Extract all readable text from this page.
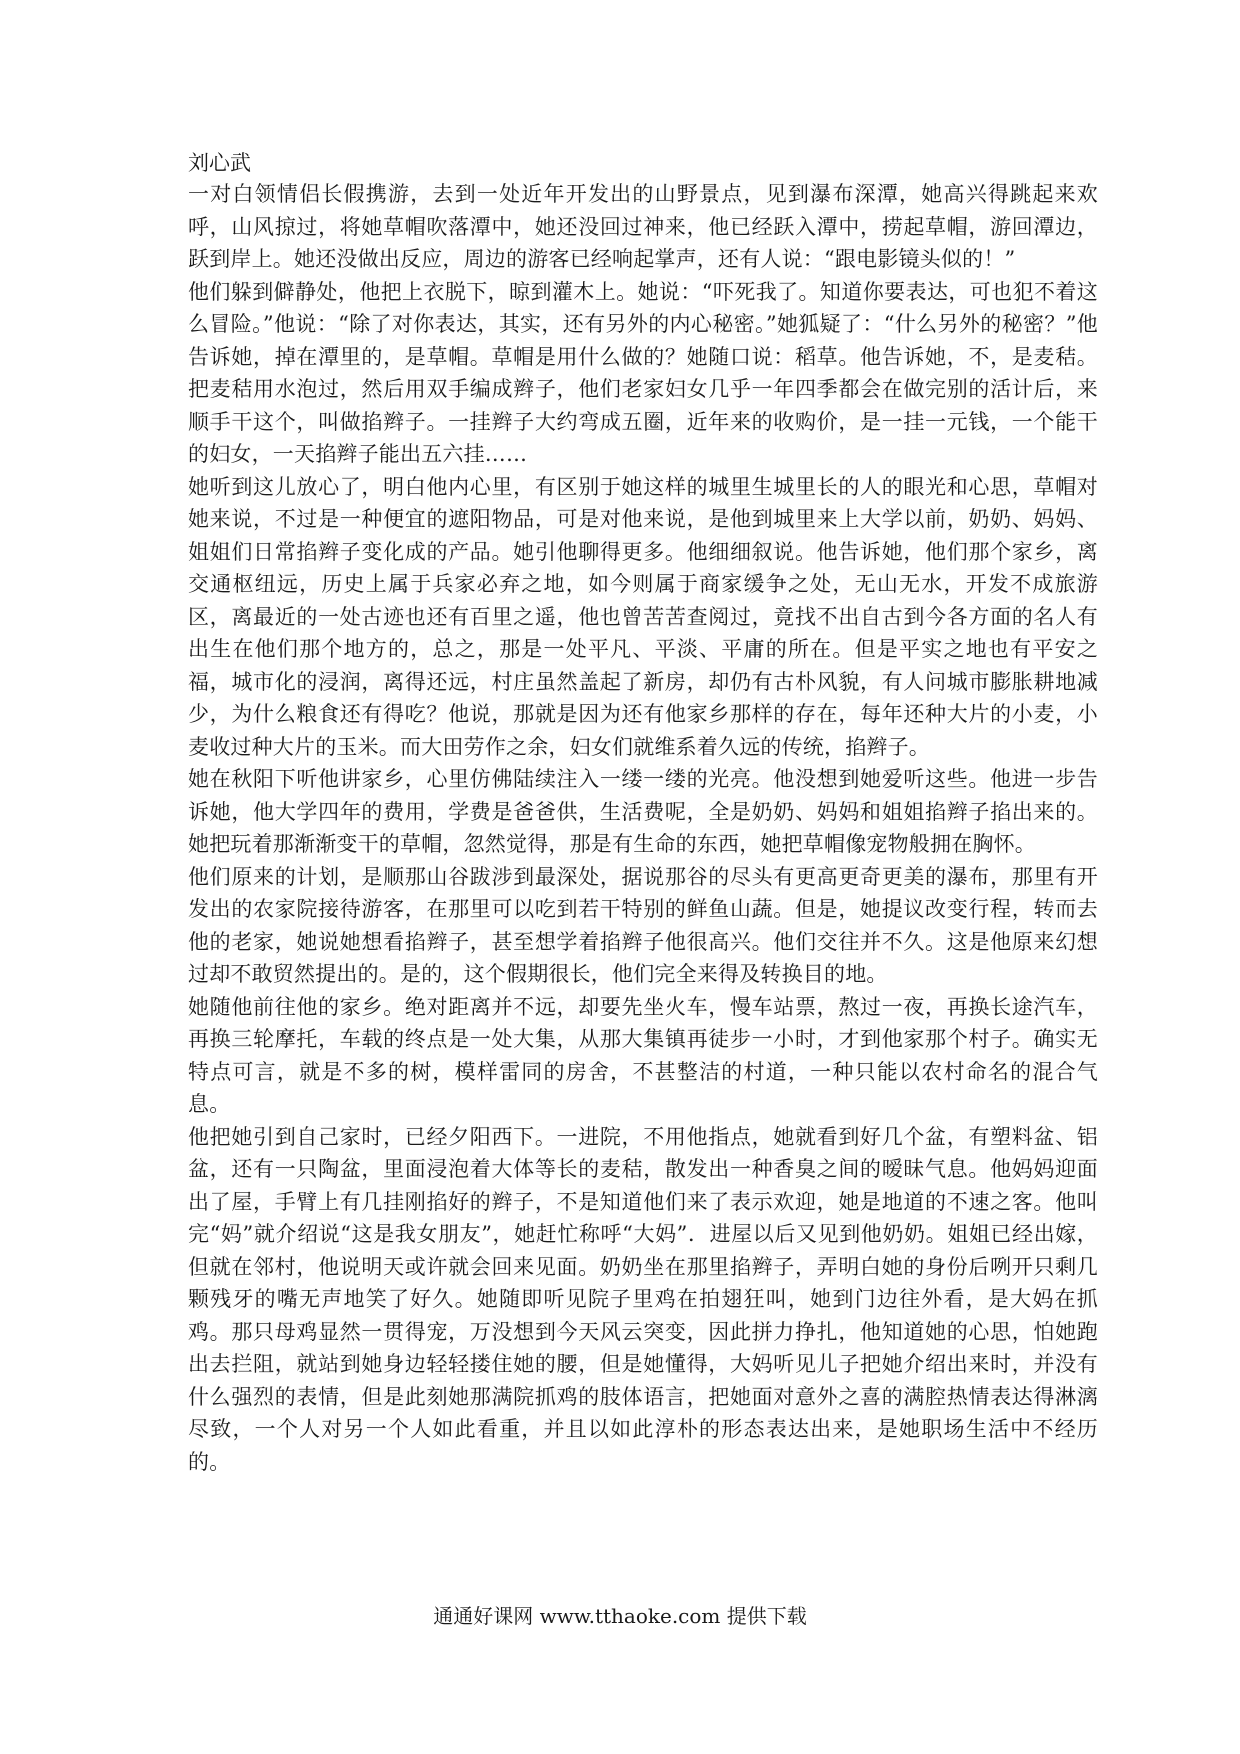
刘心武

一对白领情侣长假携游，去到一处近年开发出的山野景点，见到瀑布深潭，她高兴得跳起来欢呼，山风掠过，将她草帽吹落潭中，她还没回过神来，他已经跃入潭中，捞起草帽，游回潭边，跃到岸上。她还没做出反应，周边的游客已经响起掌声，还有人说：“跟电影镜头似的！”

他们躲到僻静处，他把上衣脱下，晾到灌木上。她说：“吓死我了。知道你要表达，可也犯不着这么冒险。”他说：“除了对你表达，其实，还有另外的内心秘密。”她狐疑了：“什么另外的秘密？”他告诉她，掉在潭里的，是草帽。草帽是用什么做的？她随口说：稻草。他告诉她，不，是麦秸。把麦秸用水泡过，然后用双手编成辫子，他们老家妇女几乎一年四季都会在做完别的活计后，来顺手干这个，叫做掐辫子。一挂辫子大约弯成五圈，近年来的收购价，是一挂一元钱，一个能干的妇女，一天掐辫子能出五六挂……

她听到这儿放心了，明白他内心里，有区别于她这样的城里生城里长的人的眼光和心思，草帽对她来说，不过是一种便宜的遮阳物品，可是对他来说，是他到城里来上大学以前，奶奶、妈妈、姐姐们日常掐辫子变化成的产品。她引他聊得更多。他细细叙说。他告诉她，他们那个家乡，离交通枢纽远，历史上属于兵家必弃之地，如今则属于商家缓争之处，无山无水，开发不成旅游区，离最近的一处古迹也还有百里之遥，他也曾苦苦查阅过，竟找不出自古到今各方面的名人有出生在他们那个地方的，总之，那是一处平凡、平淡、平庸的所在。但是平实之地也有平安之福，城市化的浸润，离得还远，村庄虽然盖起了新房，却仍有古朴风貌，有人问城市膨胀耕地减少，为什么粮食还有得吃？他说，那就是因为还有他家乡那样的存在，每年还种大片的小麦，小麦收过种大片的玉米。而大田劳作之余，妇女们就维系着久远的传统，掐辫子。

她在秋阳下听他讲家乡，心里仿佛陆续注入一缕一缕的光亮。他没想到她爱听这些。他进一步告诉她，他大学四年的费用，学费是爸爸供，生活费呢，全是奶奶、妈妈和姐姐掐辫子掐出来的。她把玩着那渐渐变干的草帽，忽然觉得，那是有生命的东西，她把草帽像宠物般拥在胸怀。

他们原来的计划，是顺那山谷跋涉到最深处，据说那谷的尽头有更高更奇更美的瀑布，那里有开发出的农家院接待游客，在那里可以吃到若干特别的鲜鱼山蔬。但是，她提议改变行程，转而去他的老家，她说她想看掐辫子，甚至想学着掐辫子他很高兴。他们交往并不久。这是他原来幻想过却不敢贸然提出的。是的，这个假期很长，他们完全来得及转换目的地。

她随他前往他的家乡。绝对距离并不远，却要先坐火车，慢车站票，熬过一夜，再换长途汽车，再换三轮摩托，车载的终点是一处大集，从那大集镇再徒步一小时，才到他家那个村子。确实无特点可言，就是不多的树，模样雷同的房舍，不甚整洁的村道，一种只能以农村命名的混合气息。

他把她引到自己家时，已经夕阳西下。一进院，不用他指点，她就看到好几个盆，有塑料盆、铝盆，还有一只陶盆，里面浸泡着大体等长的麦秸，散发出一种香臭之间的暧昧气息。他妈妈迎面出了屋，手臂上有几挂刚掐好的辫子，不是知道他们来了表示欢迎，她是地道的不速之客。他叫完“妈”就介绍说“这是我女朋友”，她赶忙称呼“大妈”．进屋以后又见到他奶奶。姐姐已经出嫁，但就在邻村，他说明天或许就会回来见面。奶奶坐在那里掐辫子，弄明白她的身份后咧开只剩几颗残牙的嘴无声地笑了好久。她随即听见院子里鸡在拍翅狂叫，她到门边往外看，是大妈在抓鸡。那只母鸡显然一贯得宠，万没想到今天风云突变，因此拼力挣扎，他知道她的心思，怕她跑出去拦阻，就站到她身边轻轻搂住她的腰，但是她懂得，大妈听见儿子把她介绍出来时，并没有什么强烈的表情，但是此刻她那满院抓鸡的肢体语言，把她面对意外之喜的满腔热情表达得淋漓尽致，一个人对另一个人如此看重，并且以如此淳朴的形态表达出来，是她职场生活中不经历的。

通通好课网 www.tthaoke.com 提供下载
